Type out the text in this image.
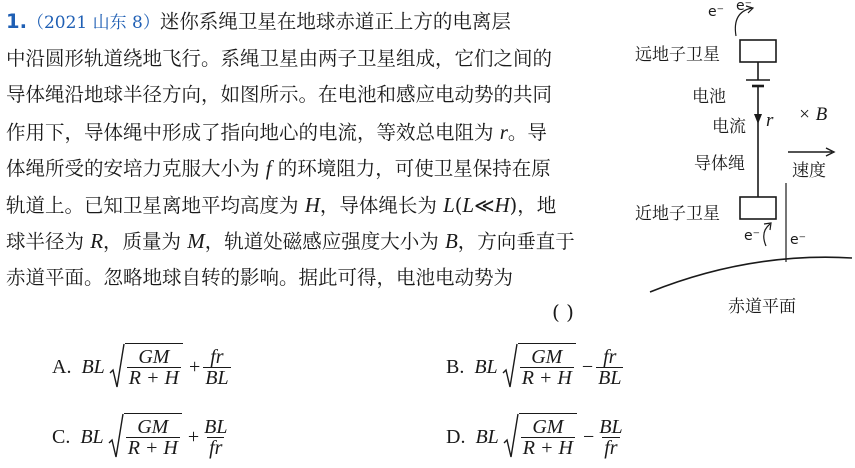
1.（2021 山东 8）迷你系绳卫星在地球赤道正上方的电离层
中沿圆形轨道绕地飞行。系绳卫星由两子卫星组成，它们之间的
导体绳沿地球半径方向，如图所示。在电池和感应电动势的共同
作用下，导体绳中形成了指向地心的电流，等效总电阻为 r。导
体绳所受的安培力克服大小为 f 的环境阻力，可使卫星保持在原
轨道上。已知卫星离地平均高度为 H，导体绳长为 L(L≪H)，地
球半径为 R，质量为 M，轨道处磁感应强度大小为 B，方向垂直于
赤道平面。忽略地球自转的影响。据此可得，电池电动势为
( )
A. BL $\frac{GM}{R + H} + \frac{fr}{BL}$	B. BL $\frac{GM}{R + H} - \frac{fr}{BL}$
C. BL $\frac{GM}{R + H} + \frac{BL}{fr}$	D. BL $\frac{GM}{R + H} - \frac{BL}{fr}$
远地子卫星
电池
电流 r × B
导体绳	速度
近地子卫星
赤道平面
e⁻ e⁻
e⁻ e⁻
